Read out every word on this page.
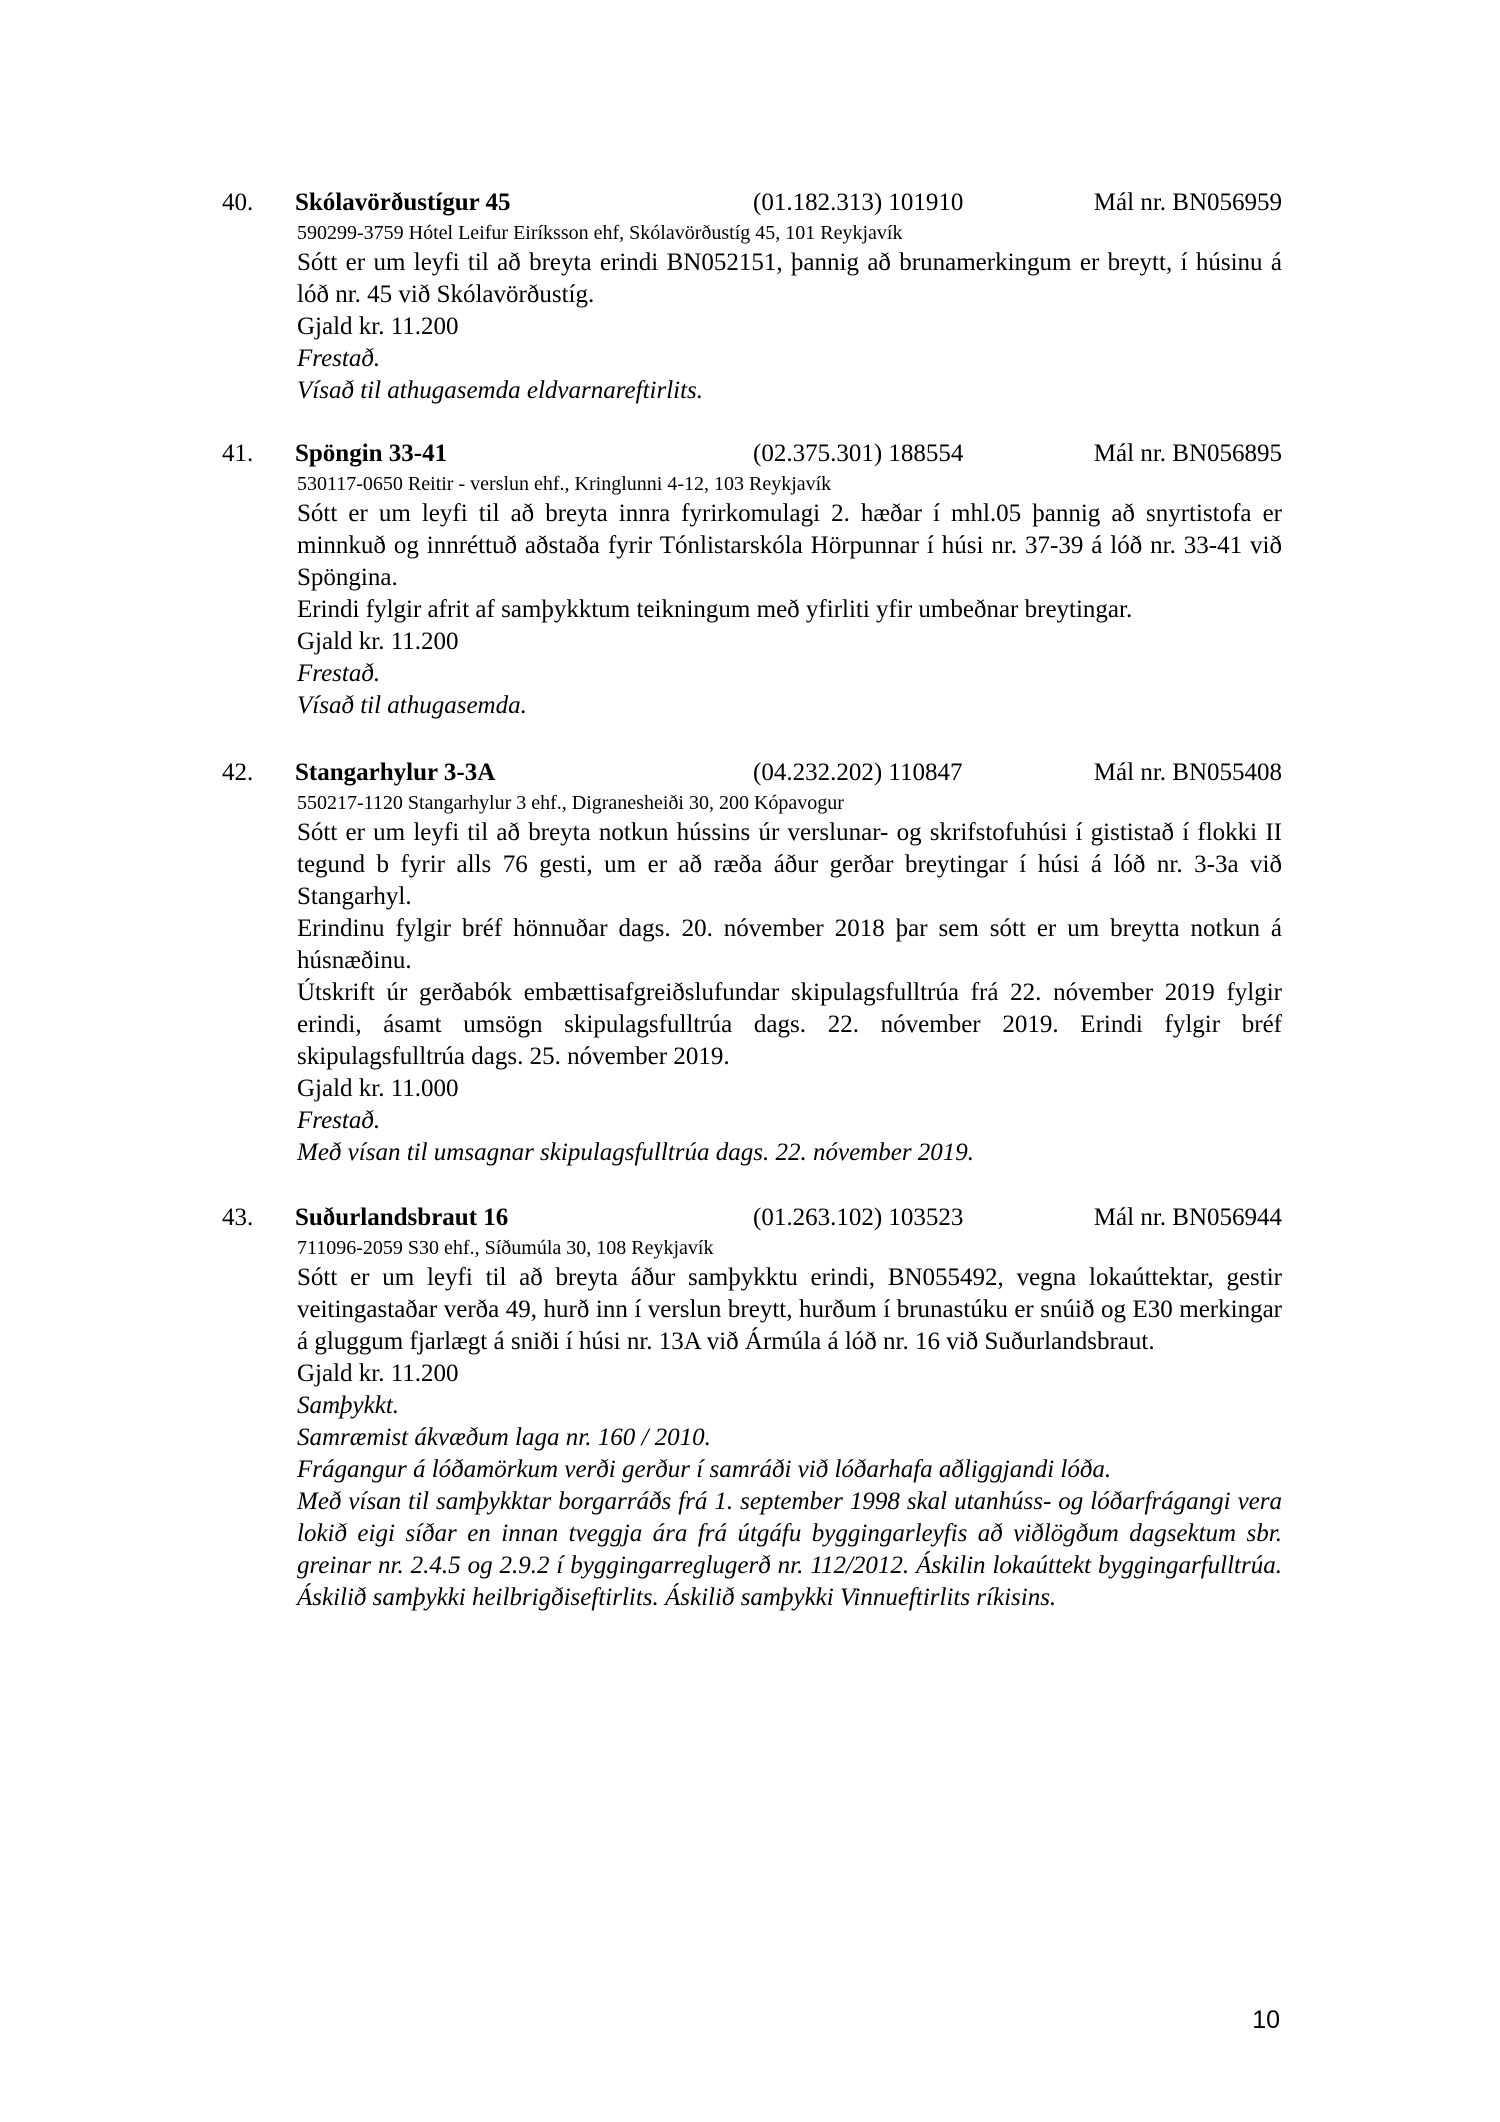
40. Skólavörðustígur 45	(01.182.313) 101910	Mál nr. BN056959
590299-3759 Hótel Leifur Eiríksson ehf, Skólavörðustíg 45, 101 Reykjavík

Sótt er um leyfi til að breyta erindi BN052151, þannig að brunamerkingum er breytt, í húsinu á lóð nr. 45 við Skólavörðustíg.

Gjald kr. 11.200
Frestað.
Vísað til athugasemda eldvarnareftirlits.
41. Spöngin 33-41	(02.375.301) 188554	Mál nr. BN056895
530117-0650 Reitir - verslun ehf., Kringlunni 4-12, 103 Reykjavík

Sótt er um leyfi til að breyta innra fyrirkomulagi 2. hæðar í mhl.05 þannig að snyrtistofa er minnkuð og innréttuð aðstaða fyrir Tónlistarskóla Hörpunnar í húsi nr. 37-39 á lóð nr. 33-41 við Spöngina.

Erindi fylgir afrit af samþykktum teikningum með yfirliti yfir umbeðnar breytingar.

Gjald kr. 11.200
Frestað.
Vísað til athugasemda.
42. Stangarhylur 3-3A	(04.232.202) 110847	Mál nr. BN055408
550217-1120 Stangarhylur 3 ehf., Digranesheiði 30, 200 Kópavogur

Sótt er um leyfi til að breyta notkun hússins úr verslunar- og skrifstofuhúsi í gististað í flokki II tegund b fyrir alls 76 gesti, um er að ræða áður gerðar breytingar í húsi á lóð nr. 3-3a við Stangarhyl.

Erindinu fylgir bréf hönnuðar dags. 20. nóvember 2018 þar sem sótt er um breytta notkun á húsnæðinu.

Útskrift úr gerðabók embættisafgreiðslufundar skipulagsfulltrúa frá 22. nóvember 2019 fylgir erindi, ásamt umsögn skipulagsfulltrúa dags. 22. nóvember 2019. Erindi fylgir bréf skipulagsfulltrúa dags. 25. nóvember 2019.

Gjald kr. 11.000
Frestað.
Með vísan til umsagnar skipulagsfulltrúa dags. 22. nóvember 2019.
43. Suðurlandsbraut 16	(01.263.102) 103523	Mál nr. BN056944
711096-2059 S30 ehf., Síðumúla 30, 108 Reykjavík

Sótt er um leyfi til að breyta áður samþykktu erindi, BN055492, vegna lokaúttektar, gestir veitingastaðar verða 49, hurð inn í verslun breytt, hurðum í brunastúku er snúið og E30 merkingar á gluggum fjarlægt á sniði í húsi nr. 13A við Ármúla á lóð nr. 16 við Suðurlandsbraut.

Gjald kr. 11.200
Samþykkt.
Samræmist ákvæðum laga nr. 160 / 2010.
Frágangur á lóðamörkum verði gerður í samráði við lóðarhafa aðliggjandi lóða.
Með vísan til samþykktar borgarráðs frá 1. september 1998 skal utanhúss- og lóðarfrágangi vera lokið eigi síðar en innan tveggja ára frá útgáfu byggingarleyfis að viðlögðum dagsektum sbr. greinar nr. 2.4.5 og 2.9.2 í byggingarreglugerð nr. 112/2012. Áskilin lokaúttekt byggingarfulltrúa. Áskilið samþykki heilbrigðiseftirlits. Áskilið samþykki Vinnueftirlits ríkisins.
10
